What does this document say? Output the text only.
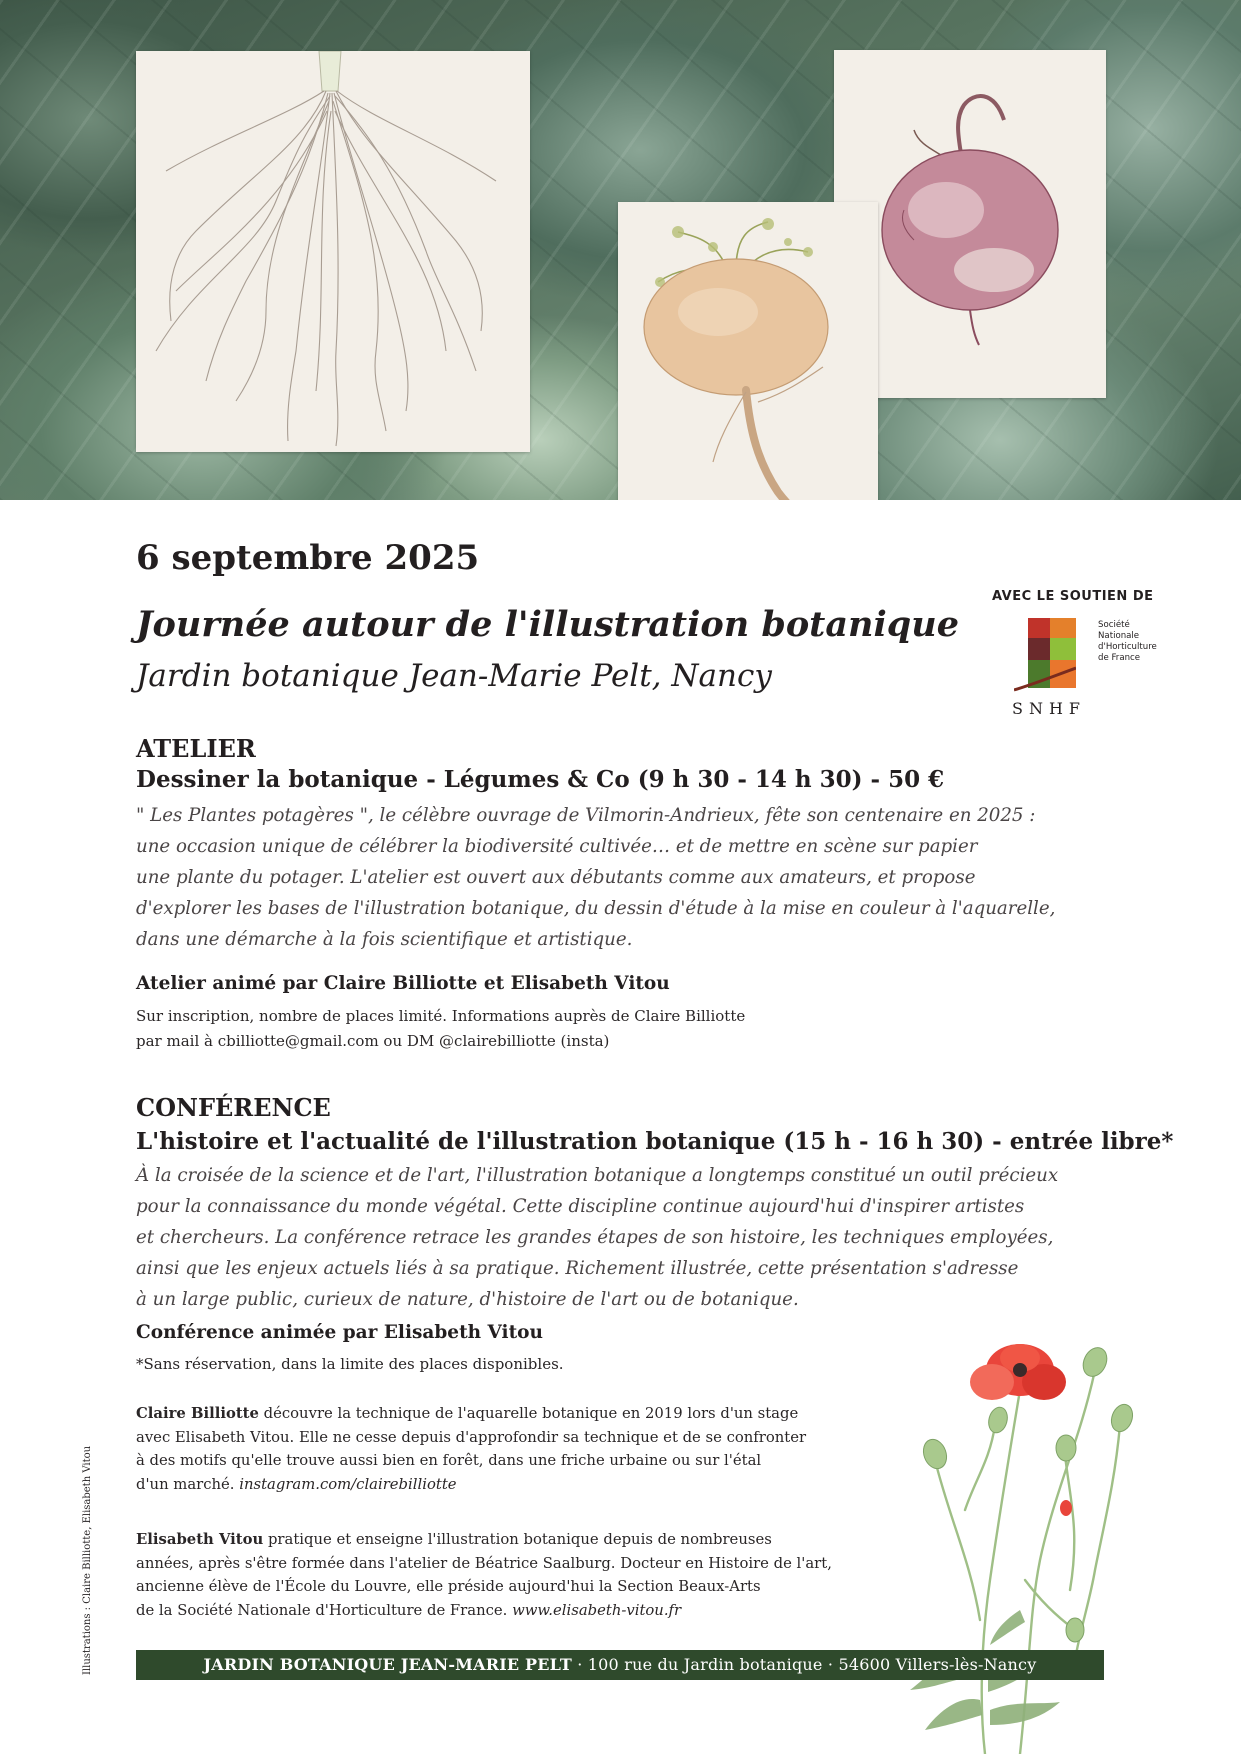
M
6 septembre 2025
Journée autour de l'illustration botanique
Jardin botanique Jean-Marie Pelt, Nancy
AVEC LE SOUTIEN DE
Société
Nationale
d'Horticulture
de France
SNHF
ATELIER
Dessiner la botanique - Légumes & Co (9 h 30 - 14 h 30) - 50 €
" Les Plantes potagères ", le célèbre ouvrage de Vilmorin-Andrieux, fête son centenaire en 2025 :
une occasion unique de célébrer la biodiversité cultivée… et de mettre en scène sur papier
une plante du potager. L'atelier est ouvert aux débutants comme aux amateurs, et propose
d'explorer les bases de l'illustration botanique, du dessin d'étude à la mise en couleur à l'aquarelle,
dans une démarche à la fois scientifique et artistique.
Atelier animé par Claire Billiotte et Elisabeth Vitou
Sur inscription, nombre de places limité. Informations auprès de Claire Billiotte
par mail à cbilliotte@gmail.com ou DM @clairebilliotte (insta)
CONFÉRENCE
L'histoire et l'actualité de l'illustration botanique (15 h - 16 h 30) - entrée libre*
À la croisée de la science et de l'art, l'illustration botanique a longtemps constitué un outil précieux
pour la connaissance du monde végétal. Cette discipline continue aujourd'hui d'inspirer artistes
et chercheurs. La conférence retrace les grandes étapes de son histoire, les techniques employées,
ainsi que les enjeux actuels liés à sa pratique. Richement illustrée, cette présentation s'adresse
à un large public, curieux de nature, d'histoire de l'art ou de botanique.
Conférence animée par Elisabeth Vitou
*Sans réservation, dans la limite des places disponibles.
Claire Billiotte découvre la technique de l'aquarelle botanique en 2019 lors d'un stage
avec Elisabeth Vitou. Elle ne cesse depuis d'approfondir sa technique et de se confronter
à des motifs qu'elle trouve aussi bien en forêt, dans une friche urbaine ou sur l'étal
d'un marché. instagram.com/clairebilliotte
Elisabeth Vitou pratique et enseigne l'illustration botanique depuis de nombreuses
années, après s'être formée dans l'atelier de Béatrice Saalburg. Docteur en Histoire de l'art,
ancienne élève de l'École du Louvre, elle préside aujourd'hui la Section Beaux-Arts
de la Société Nationale d'Horticulture de France. www.elisabeth-vitou.fr
Illustrations : Claire Billiotte, Elisabeth Vitou	JARDIN BOTANIQUE JEAN-MARIE PELT · 100 rue du Jardin botanique · 54600 Villers-lès-Nancy
